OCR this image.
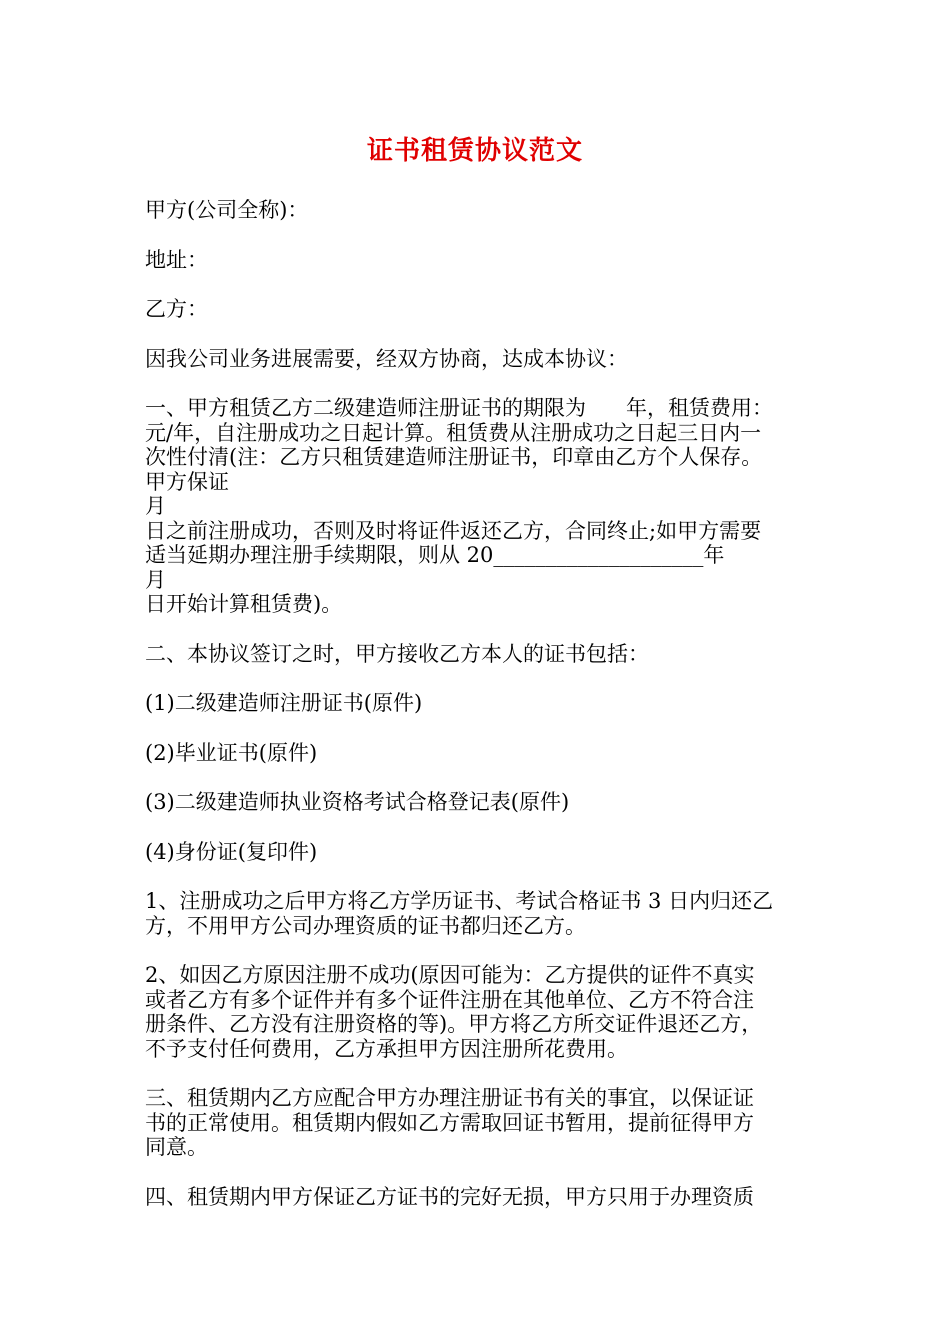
证书租赁协议范文

甲方(公司全称)：

地址：

乙方：

因我公司业务进展需要，经双方协商，达成本协议：

一、甲方租赁乙方二级建造师注册证书的期限为      年，租赁费用：
元/年，自注册成功之日起计算。租赁费从注册成功之日起三日内一
次性付清(注：乙方只租赁建造师注册证书，印章由乙方个人保存。
甲方保证
月
日之前注册成功，否则及时将证件返还乙方，合同终止;如甲方需要
适当延期办理注册手续期限，则从 20____________________年
月
日开始计算租赁费)。

二、本协议签订之时，甲方接收乙方本人的证书包括：

(1)二级建造师注册证书(原件)

(2)毕业证书(原件)

(3)二级建造师执业资格考试合格登记表(原件)

(4)身份证(复印件)

1、注册成功之后甲方将乙方学历证书、考试合格证书 3 日内归还乙
方，不用甲方公司办理资质的证书都归还乙方。

2、如因乙方原因注册不成功(原因可能为：乙方提供的证件不真实
或者乙方有多个证件并有多个证件注册在其他单位、乙方不符合注
册条件、乙方没有注册资格的等)。甲方将乙方所交证件退还乙方，
不予支付任何费用，乙方承担甲方因注册所花费用。

三、租赁期内乙方应配合甲方办理注册证书有关的事宜，以保证证
书的正常使用。租赁期内假如乙方需取回证书暂用，提前征得甲方
同意。

四、租赁期内甲方保证乙方证书的完好无损，甲方只用于办理资质
